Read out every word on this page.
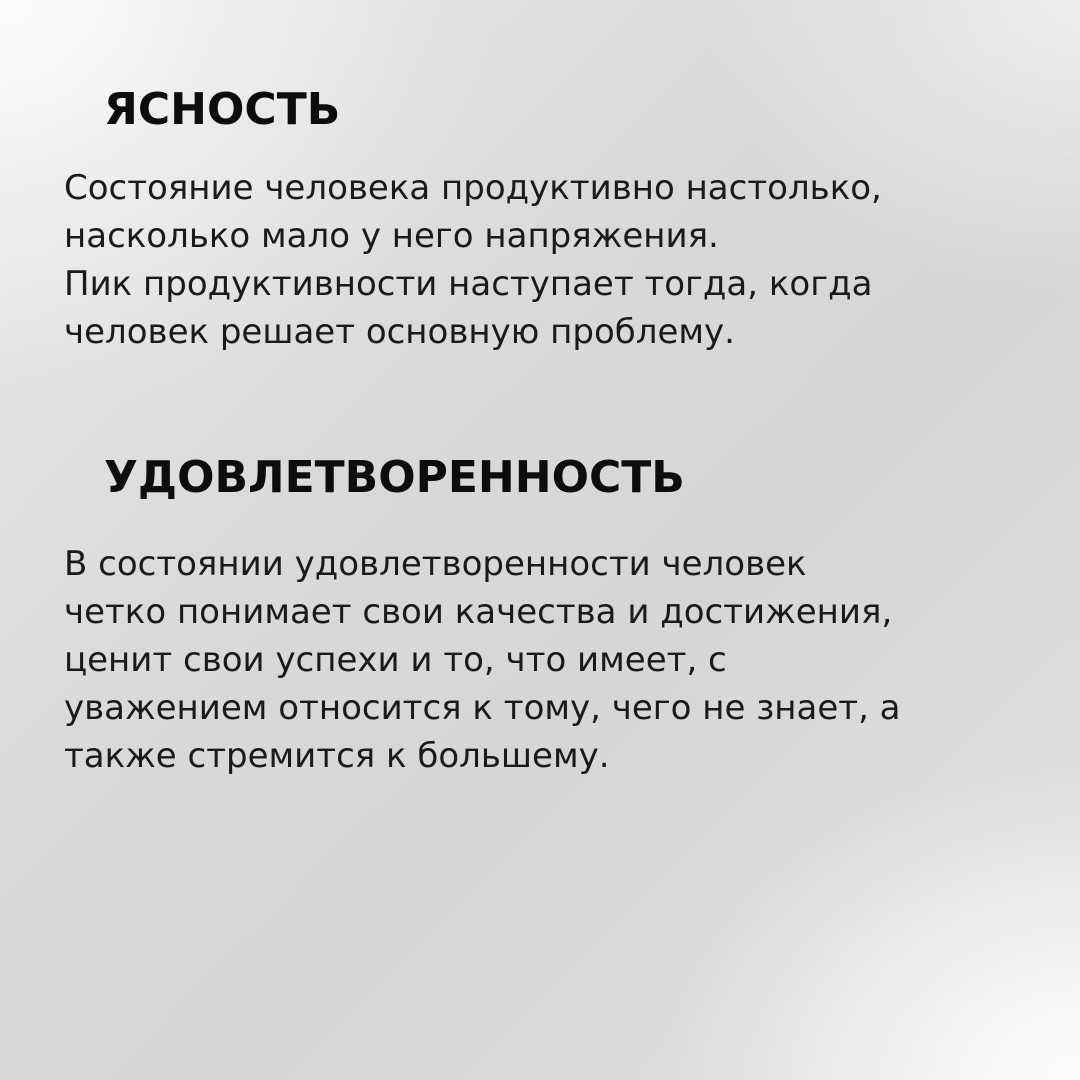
ЯСНОСТЬ

Состояние человека продуктивно настолько,
насколько мало у него напряжения.
Пик продуктивности наступает тогда, когда
человек решает основную проблему.

УДОВЛЕТВОРЕННОСТЬ

В состоянии удовлетворенности человек
четко понимает свои качества и достижения,
ценит свои успехи и то, что имеет, с
уважением относится к тому, чего не знает, а
также стремится к большему.
